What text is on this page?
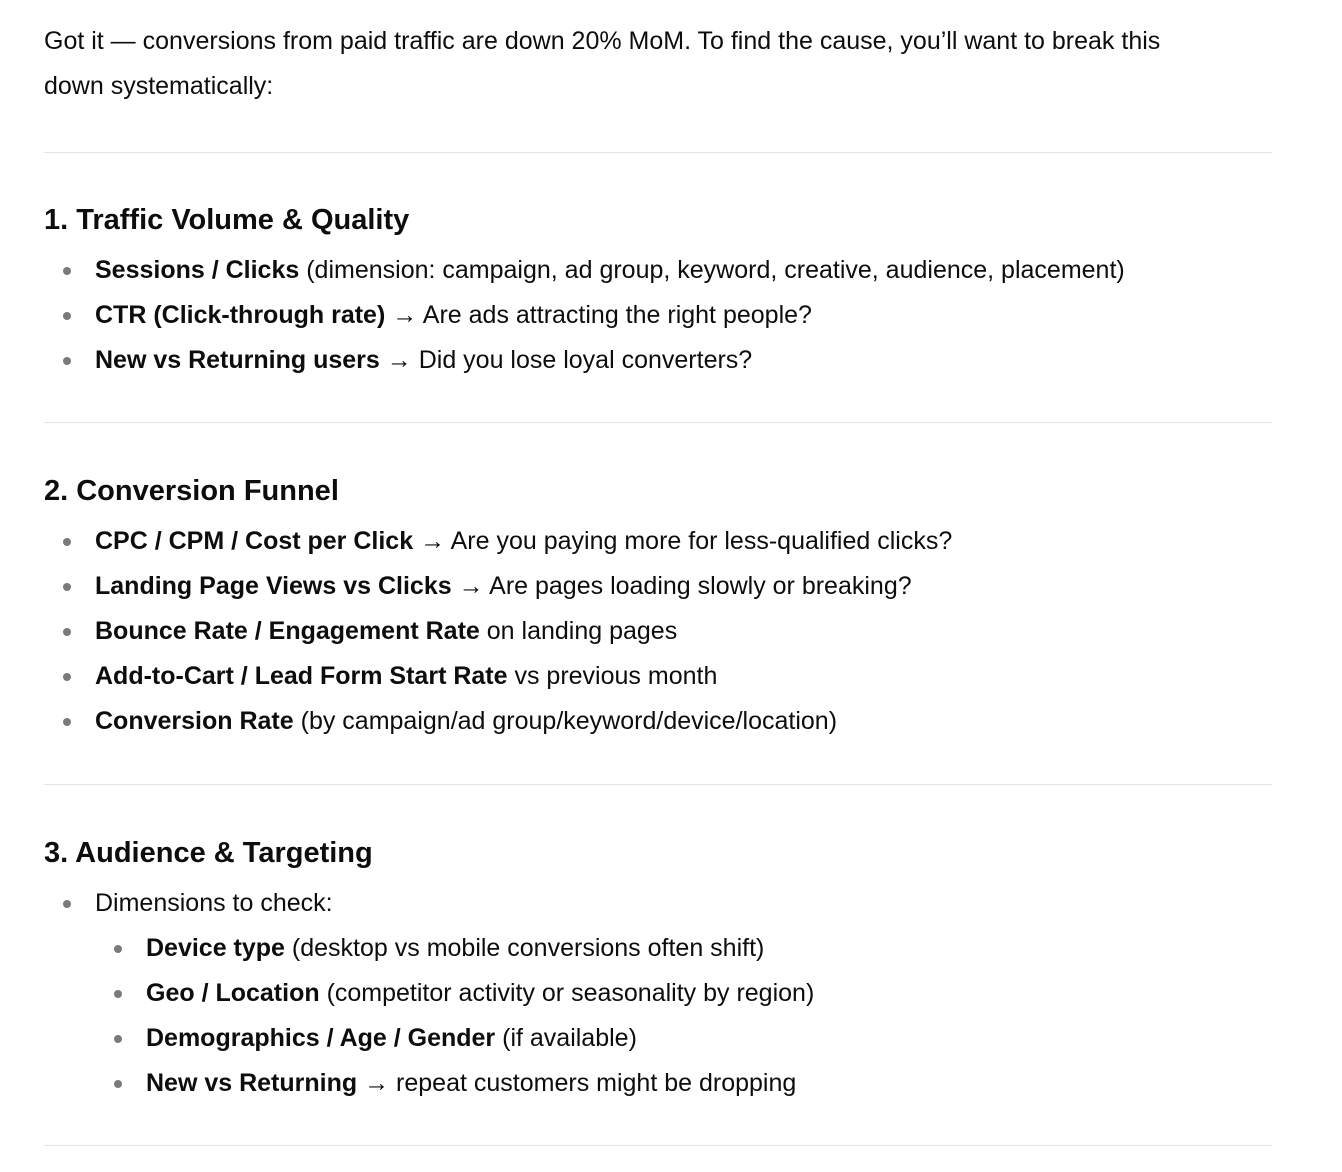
Got it — conversions from paid traffic are down 20% MoM. To find the cause, you’ll want to break this
down systematically:

1. Traffic Volume & Quality
Sessions / Clicks (dimension: campaign, ad group, keyword, creative, audience, placement)
CTR (Click-through rate) → Are ads attracting the right people?
New vs Returning users → Did you lose loyal converters?
2. Conversion Funnel
CPC / CPM / Cost per Click → Are you paying more for less-qualified clicks?
Landing Page Views vs Clicks → Are pages loading slowly or breaking?
Bounce Rate / Engagement Rate on landing pages
Add-to-Cart / Lead Form Start Rate vs previous month
Conversion Rate (by campaign/ad group/keyword/device/location)
3. Audience & Targeting
Dimensions to check:
Device type (desktop vs mobile conversions often shift)
Geo / Location (competitor activity or seasonality by region)
Demographics / Age / Gender (if available)
New vs Returning → repeat customers might be dropping
